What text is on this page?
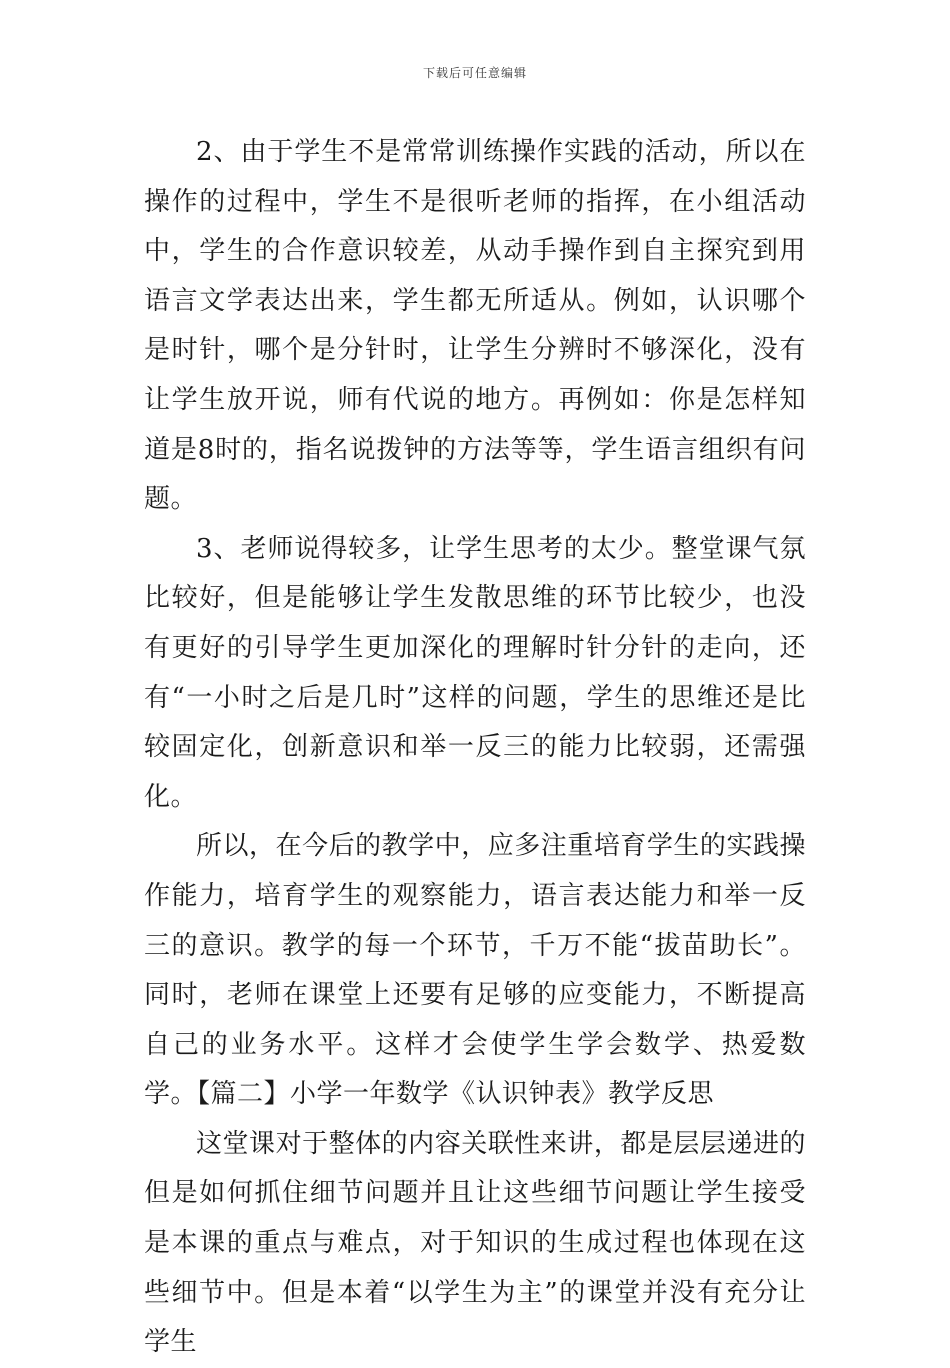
下载后可任意编辑

2、由于学生不是常常训练操作实践的活动，所以在操作的过程中，学生不是很听老师的指挥，在小组活动中，学生的合作意识较差，从动手操作到自主探究到用语言文学表达出来，学生都无所适从。例如，认识哪个是时针，哪个是分针时，让学生分辨时不够深化，没有让学生放开说，师有代说的地方。再例如：你是怎样知道是8时的，指名说拨钟的方法等等，学生语言组织有问题。

3、老师说得较多，让学生思考的太少。整堂课气氛比较好，但是能够让学生发散思维的环节比较少，也没有更好的引导学生更加深化的理解时针分针的走向，还有“一小时之后是几时”这样的问题，学生的思维还是比较固定化，创新意识和举一反三的能力比较弱，还需强化。

所以，在今后的教学中，应多注重培育学生的实践操作能力，培育学生的观察能力，语言表达能力和举一反三的意识。教学的每一个环节，千万不能“拔苗助长”。同时，老师在课堂上还要有足够的应变能力，不断提高自己的业务水平。这样才会使学生学会数学、热爱数学。【篇二】小学一年数学《认识钟表》教学反思

这堂课对于整体的内容关联性来讲，都是层层递进的但是如何抓住细节问题并且让这些细节问题让学生接受是本课的重点与难点，对于知识的生成过程也体现在这些细节中。但是本着“以学生为主”的课堂并没有充分让学生
